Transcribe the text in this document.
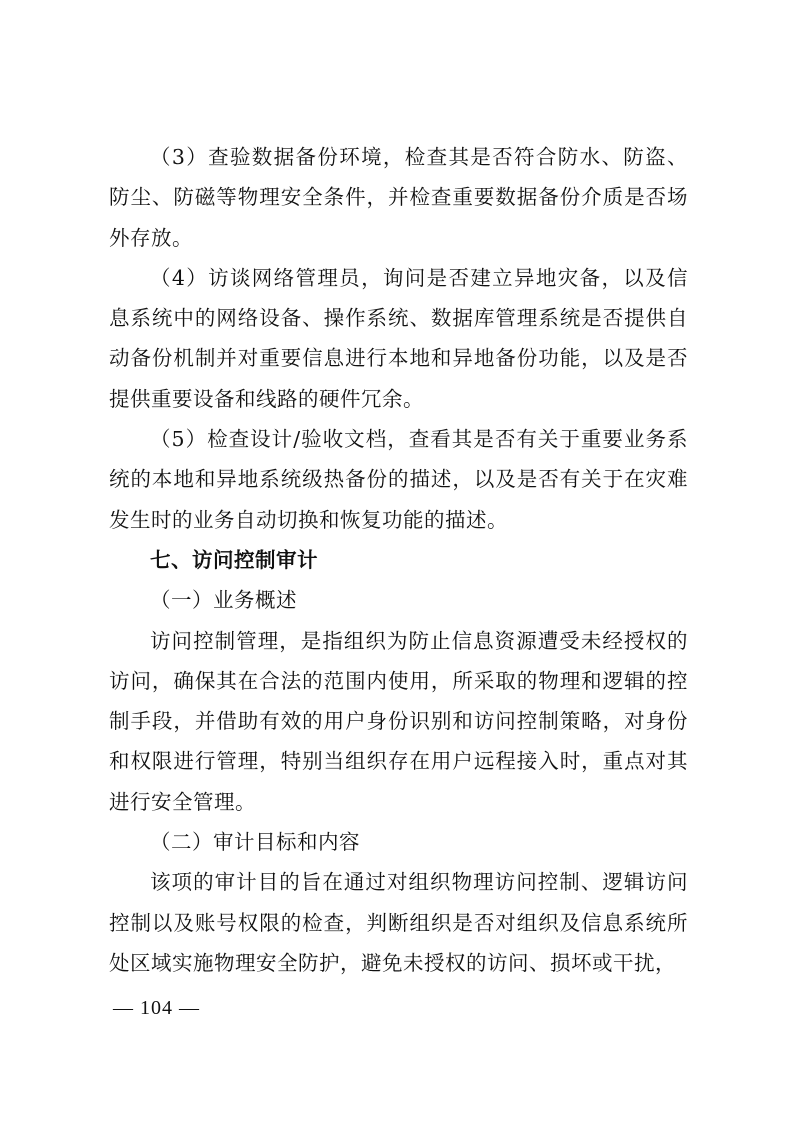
（3）查验数据备份环境，检查其是否符合防水、防盗、防尘、防磁等物理安全条件，并检查重要数据备份介质是否场外存放。

（4）访谈网络管理员，询问是否建立异地灾备，以及信息系统中的网络设备、操作系统、数据库管理系统是否提供自动备份机制并对重要信息进行本地和异地备份功能，以及是否提供重要设备和线路的硬件冗余。

（5）检查设计/验收文档，查看其是否有关于重要业务系统的本地和异地系统级热备份的描述，以及是否有关于在灾难发生时的业务自动切换和恢复功能的描述。

七、访问控制审计

（一）业务概述

访问控制管理，是指组织为防止信息资源遭受未经授权的访问，确保其在合法的范围内使用，所采取的物理和逻辑的控制手段，并借助有效的用户身份识别和访问控制策略，对身份和权限进行管理，特别当组织存在用户远程接入时，重点对其进行安全管理。

（二）审计目标和内容

该项的审计目的旨在通过对组织物理访问控制、逻辑访问控制以及账号权限的检查，判断组织是否对组织及信息系统所处区域实施物理安全防护，避免未授权的访问、损坏或干扰，

— 104 —
